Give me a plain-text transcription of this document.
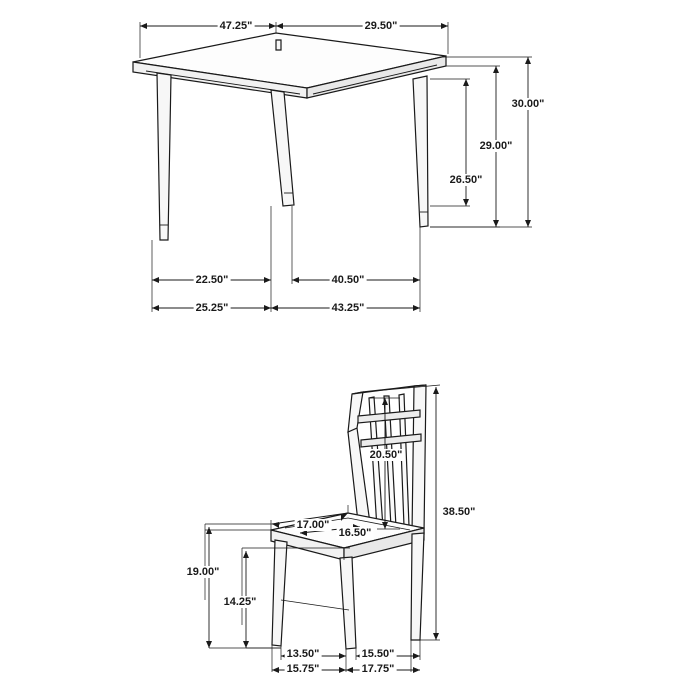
47.25"	29.50"
30.00"
29.00"
26.50"
22.50"	40.50"
25.25"	43.25"
20.50"
38.50"
17.00"
16.50"
19.00"
14.25"
13.50"	15.50"
15.75"	17.75"
